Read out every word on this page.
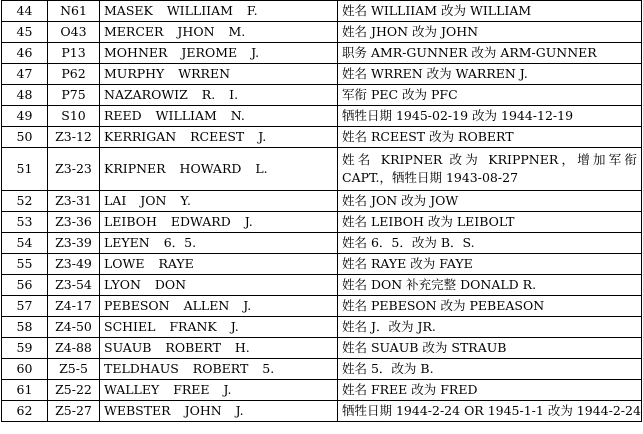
44	N61	MASEK WILLIIAM F.	姓名 WILLIIAM 改为 WILLIAM
45	O43	MERCER JHON M.	姓名 JHON 改为 JOHN
46	P13	MOHNER JEROME J.	职务 AMR-GUNNER 改为 ARM-GUNNER
47	P62	MURPHY WRREN	姓名 WRREN 改为 WARREN J.
48	P75	NAZAROWIZ R. I.	军衔 PEC 改为 PFC
49	S10	REED WILLIAM N.	牺牲日期 1945-02-19 改为 1944-12-19
50	Z3-12	KERRIGAN RCEEST J.	姓名 RCEEST 改为 ROBERT
51	Z3-23	KRIPNER HOWARD L.	姓名 KRIPNER 改为 KRIPPNER，增加军衔 CAPT.，牺牲日期 1943-08-27
52	Z3-31	LAI JON Y.	姓名 JON 改为 JOW
53	Z3-36	LEIBOH EDWARD J.	姓名 LEIBOH 改为 LEIBOLT
54	Z3-39	LEYEN 6．5.	姓名 6．5．改为 B．S.
55	Z3-49	LOWE RAYE	姓名 RAYE 改为 FAYE
56	Z3-54	LYON DON	姓名 DON 补充完整 DONALD R.
57	Z4-17	PEBESON ALLEN J.	姓名 PEBESON 改为 PEBEASON
58	Z4-50	SCHIEL FRANK J.	姓名 J．改为 JR.
59	Z4-88	SUAUB ROBERT H.	姓名 SUAUB 改为 STRAUB
60	Z5-5	TELDHAUS ROBERT 5.	姓名 5．改为 B.
61	Z5-22	WALLEY FREE J.	姓名 FREE 改为 FRED
62	Z5-27	WEBSTER JOHN J.	牺牲日期 1944-2-24 OR 1945-1-1 改为 1944-2-24
